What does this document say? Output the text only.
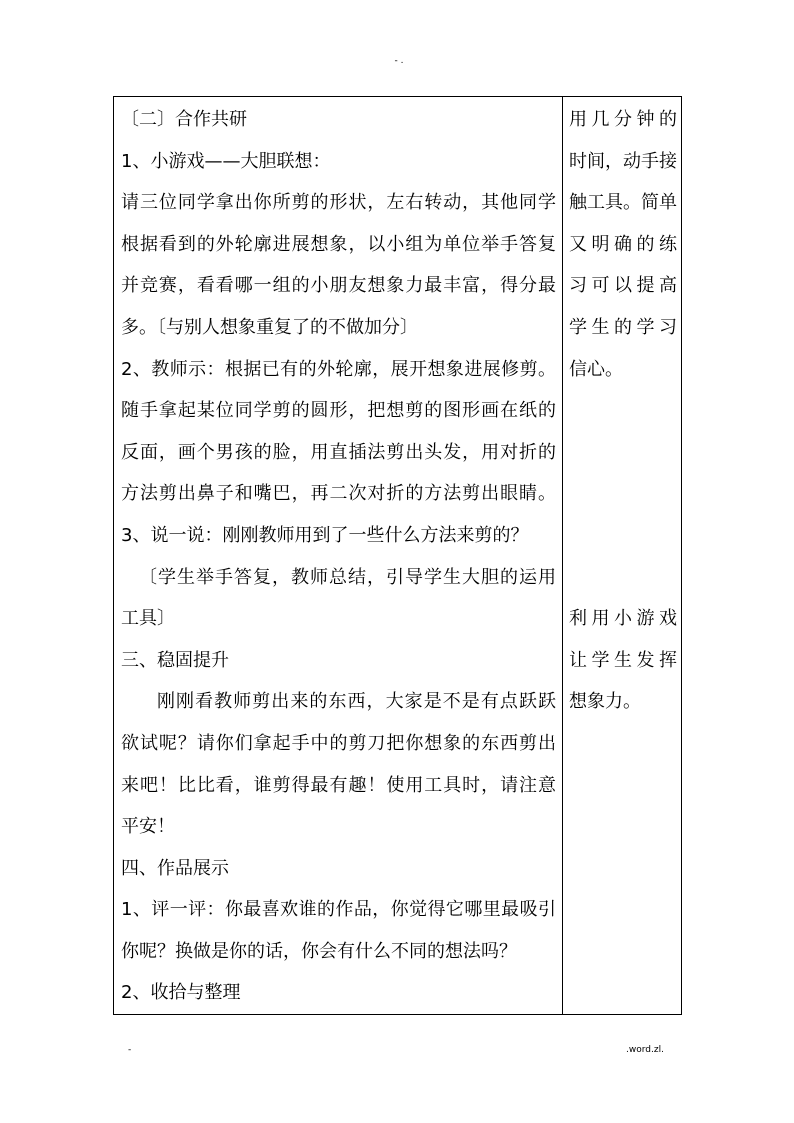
- .
〔二〕合作共研
1、小游戏——大胆联想：
请三位同学拿出你所剪的形状，左右转动，其他同学
根据看到的外轮廓进展想象，以小组为单位举手答复
并竞赛，看看哪一组的小朋友想象力最丰富，得分最
多。〔与别人想象重复了的不做加分〕
2、教师示：根据已有的外轮廓，展开想象进展修剪。
随手拿起某位同学剪的圆形，把想剪的图形画在纸的
反面，画个男孩的脸，用直插法剪出头发，用对折的
方法剪出鼻子和嘴巴，再二次对折的方法剪出眼睛。
3、说一说：刚刚教师用到了一些什么方法来剪的？
〔学生举手答复，教师总结，引导学生大胆的运用
工具〕
三、稳固提升
刚刚看教师剪出来的东西，大家是不是有点跃跃
欲试呢？请你们拿起手中的剪刀把你想象的东西剪出
来吧！比比看，谁剪得最有趣！使用工具时，请注意
平安！
四、作品展示
1、评一评：你最喜欢谁的作品，你觉得它哪里最吸引
你呢？换做是你的话，你会有什么不同的想法吗？
2、收拾与整理

用几分钟的
时间，动手接
触工具。简单
又明确的练
习可以提高
学生的学习
信心。
利用小游戏
让学生发挥
想象力。
-	.word.zl.
